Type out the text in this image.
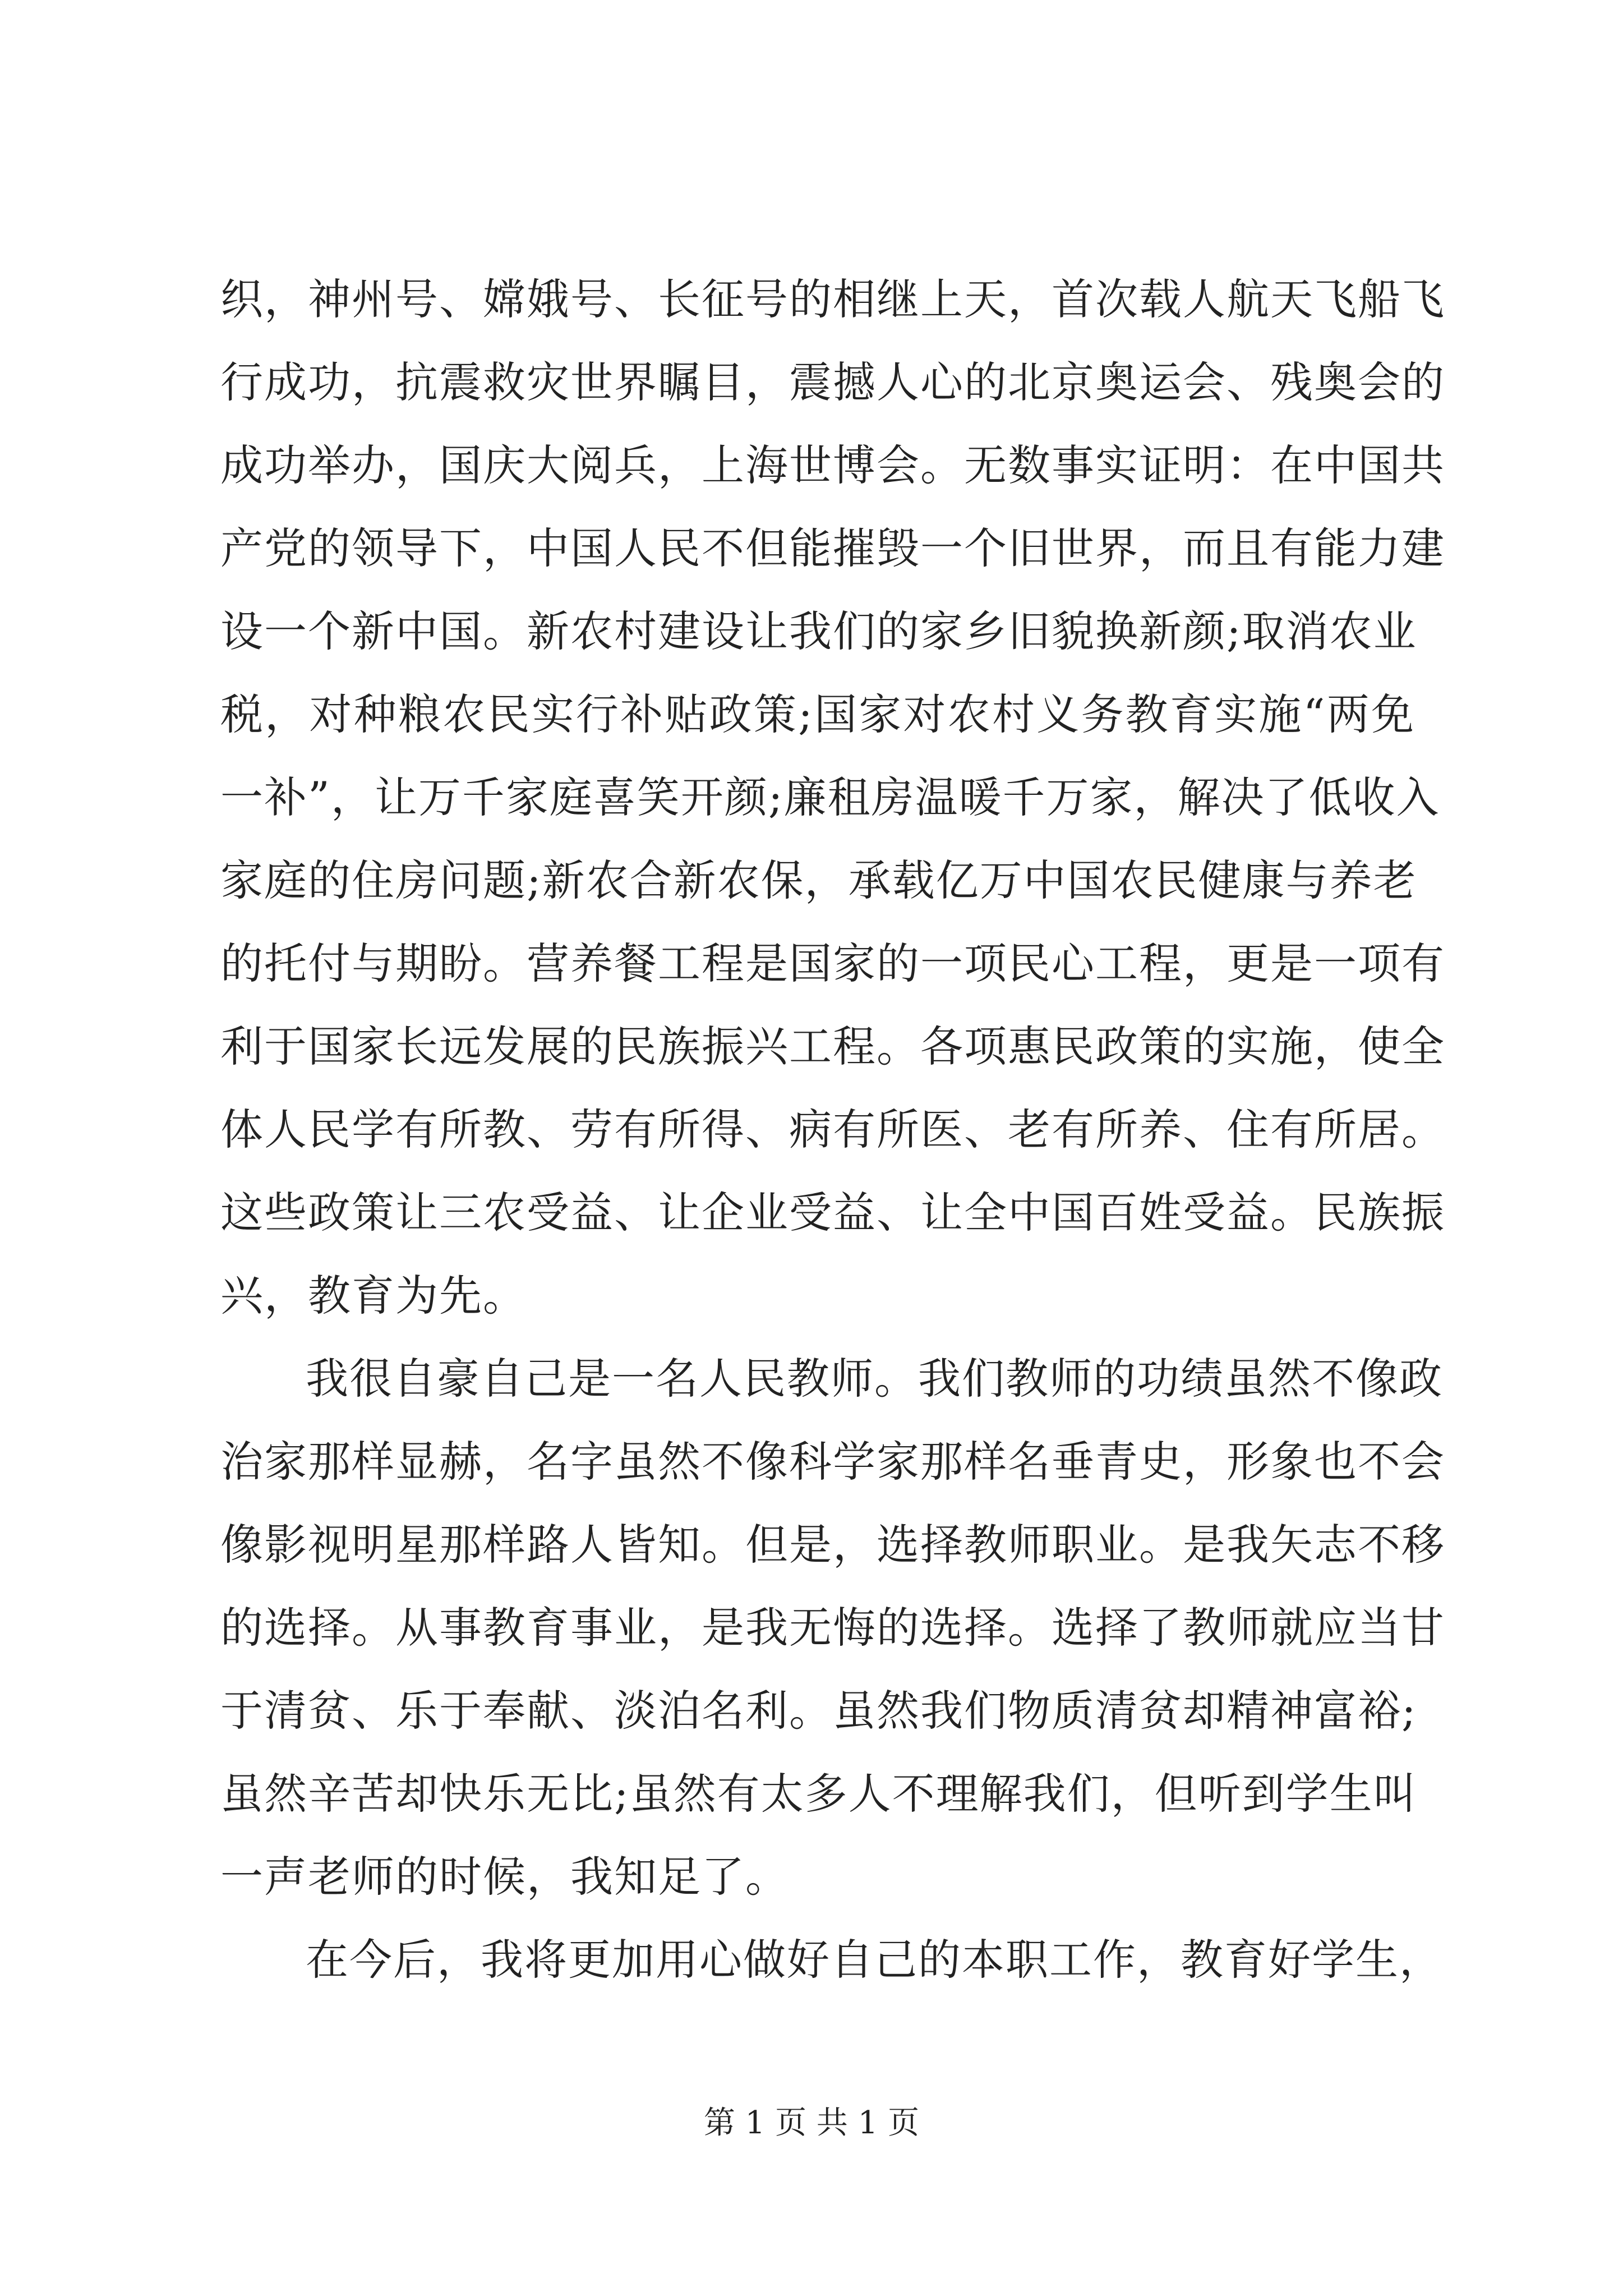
织，神州号、嫦娥号、长征号的相继上天，首次载人航天飞船飞
行成功，抗震救灾世界瞩目，震撼人心的北京奥运会、残奥会的
成功举办，国庆大阅兵，上海世博会。无数事实证明：在中国共
产党的领导下，中国人民不但能摧毁一个旧世界，而且有能力建
设一个新中国。新农村建设让我们的家乡旧貌换新颜;取消农业
税，对种粮农民实行补贴政策;国家对农村义务教育实施“两免
一补”，让万千家庭喜笑开颜;廉租房温暖千万家，解决了低收入
家庭的住房问题;新农合新农保，承载亿万中国农民健康与养老
的托付与期盼。营养餐工程是国家的一项民心工程，更是一项有
利于国家长远发展的民族振兴工程。各项惠民政策的实施，使全
体人民学有所教、劳有所得、病有所医、老有所养、住有所居。
这些政策让三农受益、让企业受益、让全中国百姓受益。民族振
兴，教育为先。
我很自豪自己是一名人民教师。我们教师的功绩虽然不像政
治家那样显赫，名字虽然不像科学家那样名垂青史，形象也不会
像影视明星那样路人皆知。但是，选择教师职业。是我矢志不移
的选择。从事教育事业，是我无悔的选择。选择了教师就应当甘
于清贫、乐于奉献、淡泊名利。虽然我们物质清贫却精神富裕;
虽然辛苦却快乐无比;虽然有太多人不理解我们，但听到学生叫
一声老师的时候，我知足了。
在今后，我将更加用心做好自己的本职工作，教育好学生，
第 1 页 共 1 页
